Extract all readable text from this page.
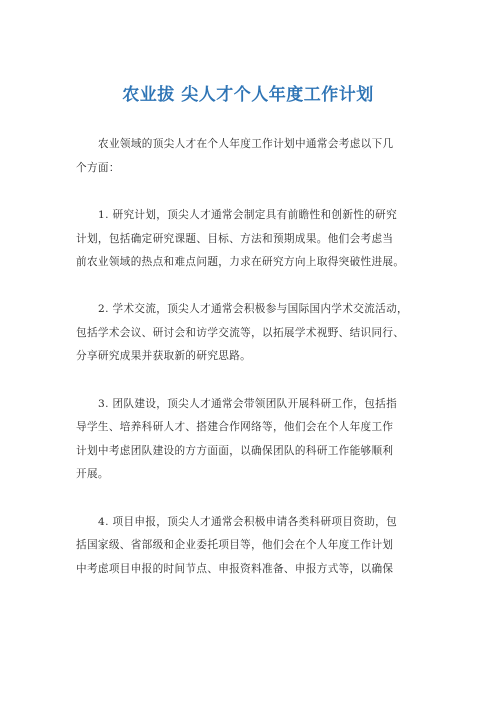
农业拔 尖人才个人年度工作计划
农业领域的顶尖人才在个人年度工作计划中通常会考虑以下几
个方面：
1. 研究计划，顶尖人才通常会制定具有前瞻性和创新性的研究
计划，包括确定研究课题、目标、方法和预期成果。他们会考虑当
前农业领域的热点和难点问题，力求在研究方向上取得突破性进展。
2. 学术交流，顶尖人才通常会积极参与国际国内学术交流活动，
包括学术会议、研讨会和访学交流等，以拓展学术视野、结识同行、
分享研究成果并获取新的研究思路。
3. 团队建设，顶尖人才通常会带领团队开展科研工作，包括指
导学生、培养科研人才、搭建合作网络等，他们会在个人年度工作
计划中考虑团队建设的方方面面，以确保团队的科研工作能够顺利
开展。
4. 项目申报，顶尖人才通常会积极申请各类科研项目资助，包
括国家级、省部级和企业委托项目等，他们会在个人年度工作计划
中考虑项目申报的时间节点、申报资料准备、申报方式等，以确保
